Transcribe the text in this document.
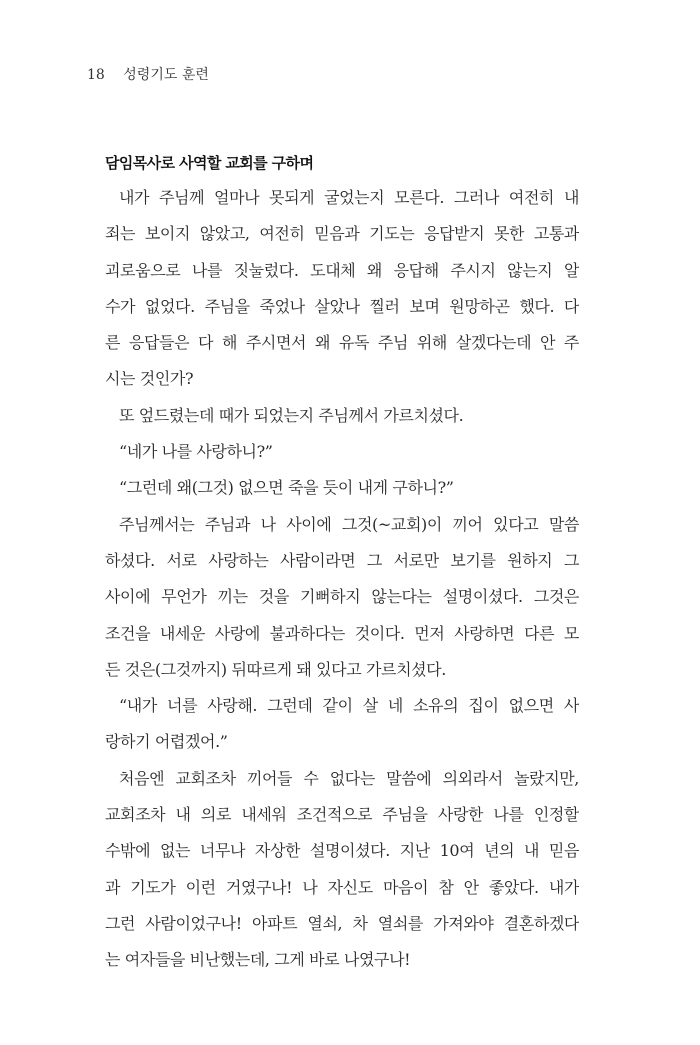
18 성령기도 훈련
담임목사로 사역할 교회를 구하며
내가 주님께 얼마나 못되게 굴었는지 모른다. 그러나 여전히 내
죄는 보이지 않았고, 여전히 믿음과 기도는 응답받지 못한 고통과
괴로움으로 나를 짓눌렀다. 도대체 왜 응답해 주시지 않는지 알
수가 없었다. 주님을 죽었나 살았나 찔러 보며 원망하곤 했다. 다
른 응답들은 다 해 주시면서 왜 유독 주님 위해 살겠다는데 안 주
시는 것인가?
또 엎드렸는데 때가 되었는지 주님께서 가르치셨다.
“네가 나를 사랑하니?”
“그런데 왜(그것) 없으면 죽을 듯이 내게 구하니?”
주님께서는 주님과 나 사이에 그것(~교회)이 끼어 있다고 말씀
하셨다. 서로 사랑하는 사람이라면 그 서로만 보기를 원하지 그
사이에 무언가 끼는 것을 기뻐하지 않는다는 설명이셨다. 그것은
조건을 내세운 사랑에 불과하다는 것이다. 먼저 사랑하면 다른 모
든 것은(그것까지) 뒤따르게 돼 있다고 가르치셨다.
“내가 너를 사랑해. 그런데 같이 살 네 소유의 집이 없으면 사
랑하기 어렵겠어.”
처음엔 교회조차 끼어들 수 없다는 말씀에 의외라서 놀랐지만,
교회조차 내 의로 내세워 조건적으로 주님을 사랑한 나를 인정할
수밖에 없는 너무나 자상한 설명이셨다. 지난 10여 년의 내 믿음
과 기도가 이런 거였구나! 나 자신도 마음이 참 안 좋았다. 내가
그런 사람이었구나! 아파트 열쇠, 차 열쇠를 가져와야 결혼하겠다
는 여자들을 비난했는데, 그게 바로 나였구나!
